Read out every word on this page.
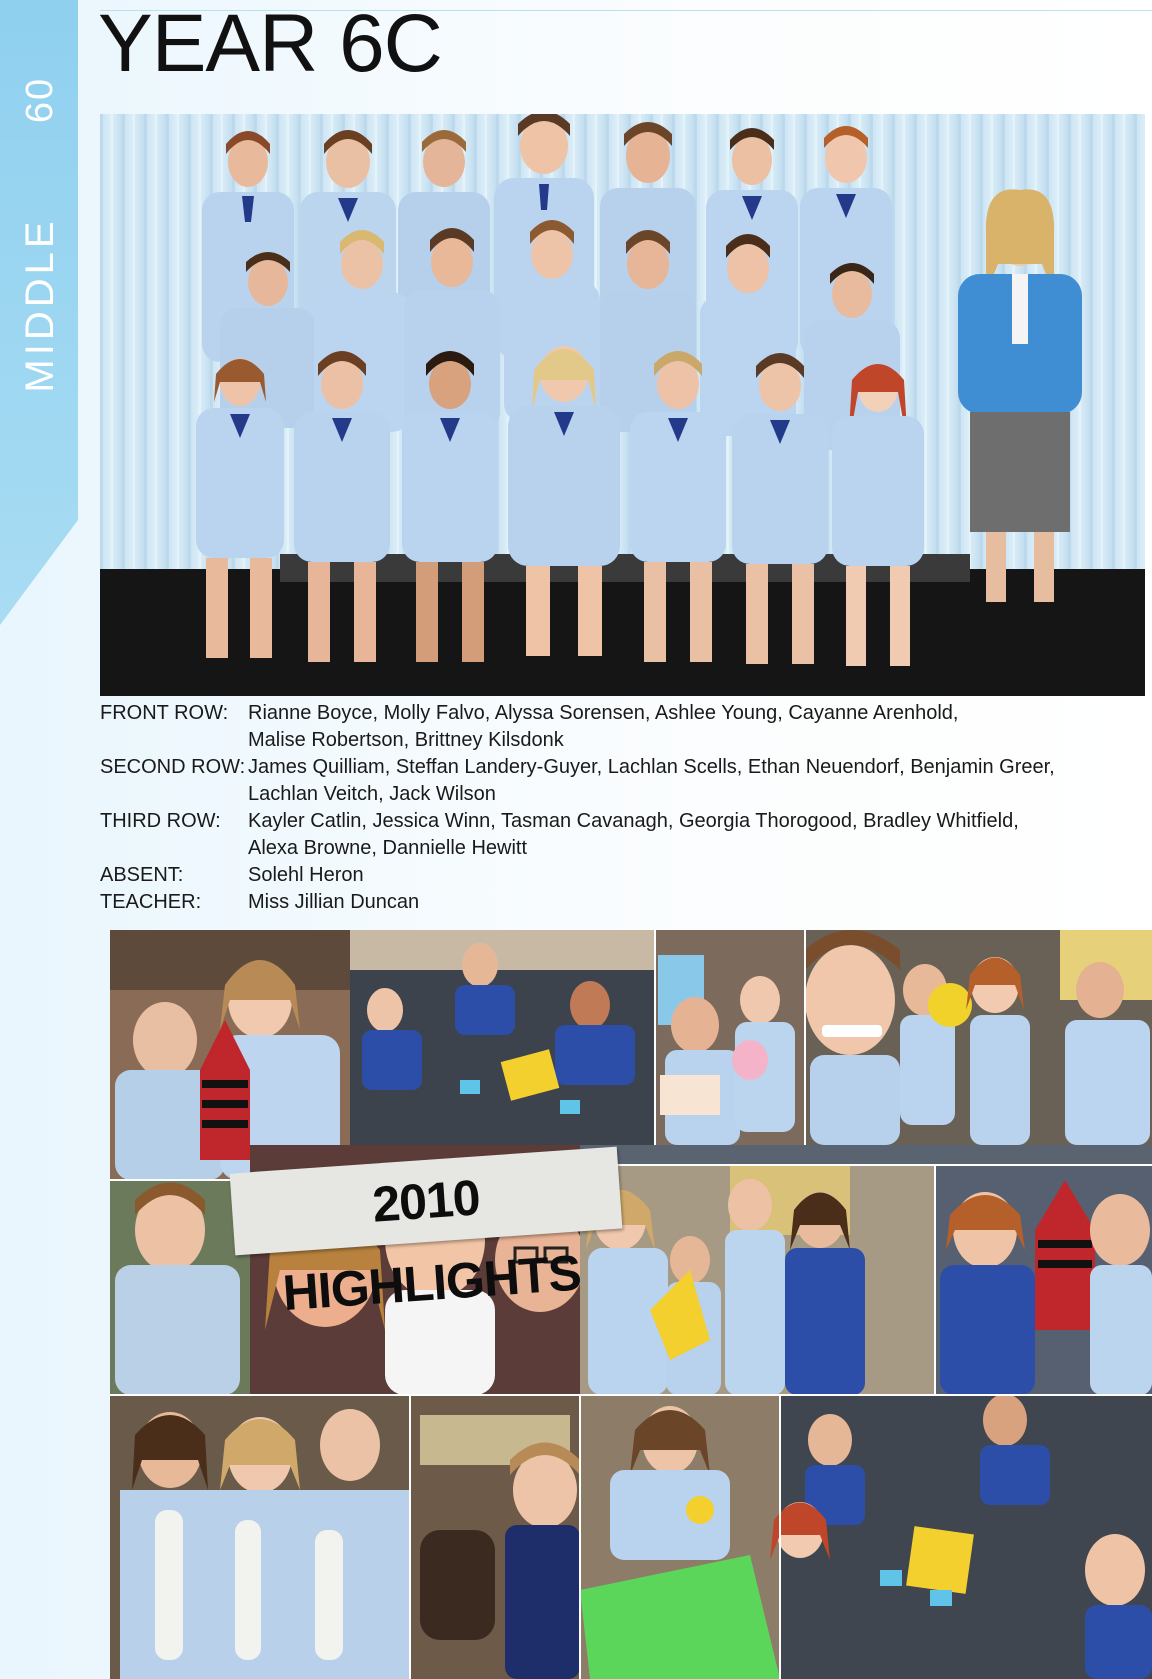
60
MIDDLE
YEAR 6C
FRONT ROW: Rianne Boyce, Molly Falvo, Alyssa Sorensen, Ashlee Young, Cayanne Arenhold,
Malise Robertson, Brittney Kilsdonk
SECOND ROW: James Quilliam, Steffan Landery-Guyer, Lachlan Scells, Ethan Neuendorf, Benjamin Greer,
Lachlan Veitch, Jack Wilson
THIRD ROW:	Kayler Catlin, Jessica Winn, Tasman Cavanagh, Georgia Thorogood, Bradley Whitfield,
Alexa Browne, Dannielle Hewitt
ABSENT:	Solehl Heron
TEACHER:	Miss Jillian Duncan
2010 HIGHLIGHTS
